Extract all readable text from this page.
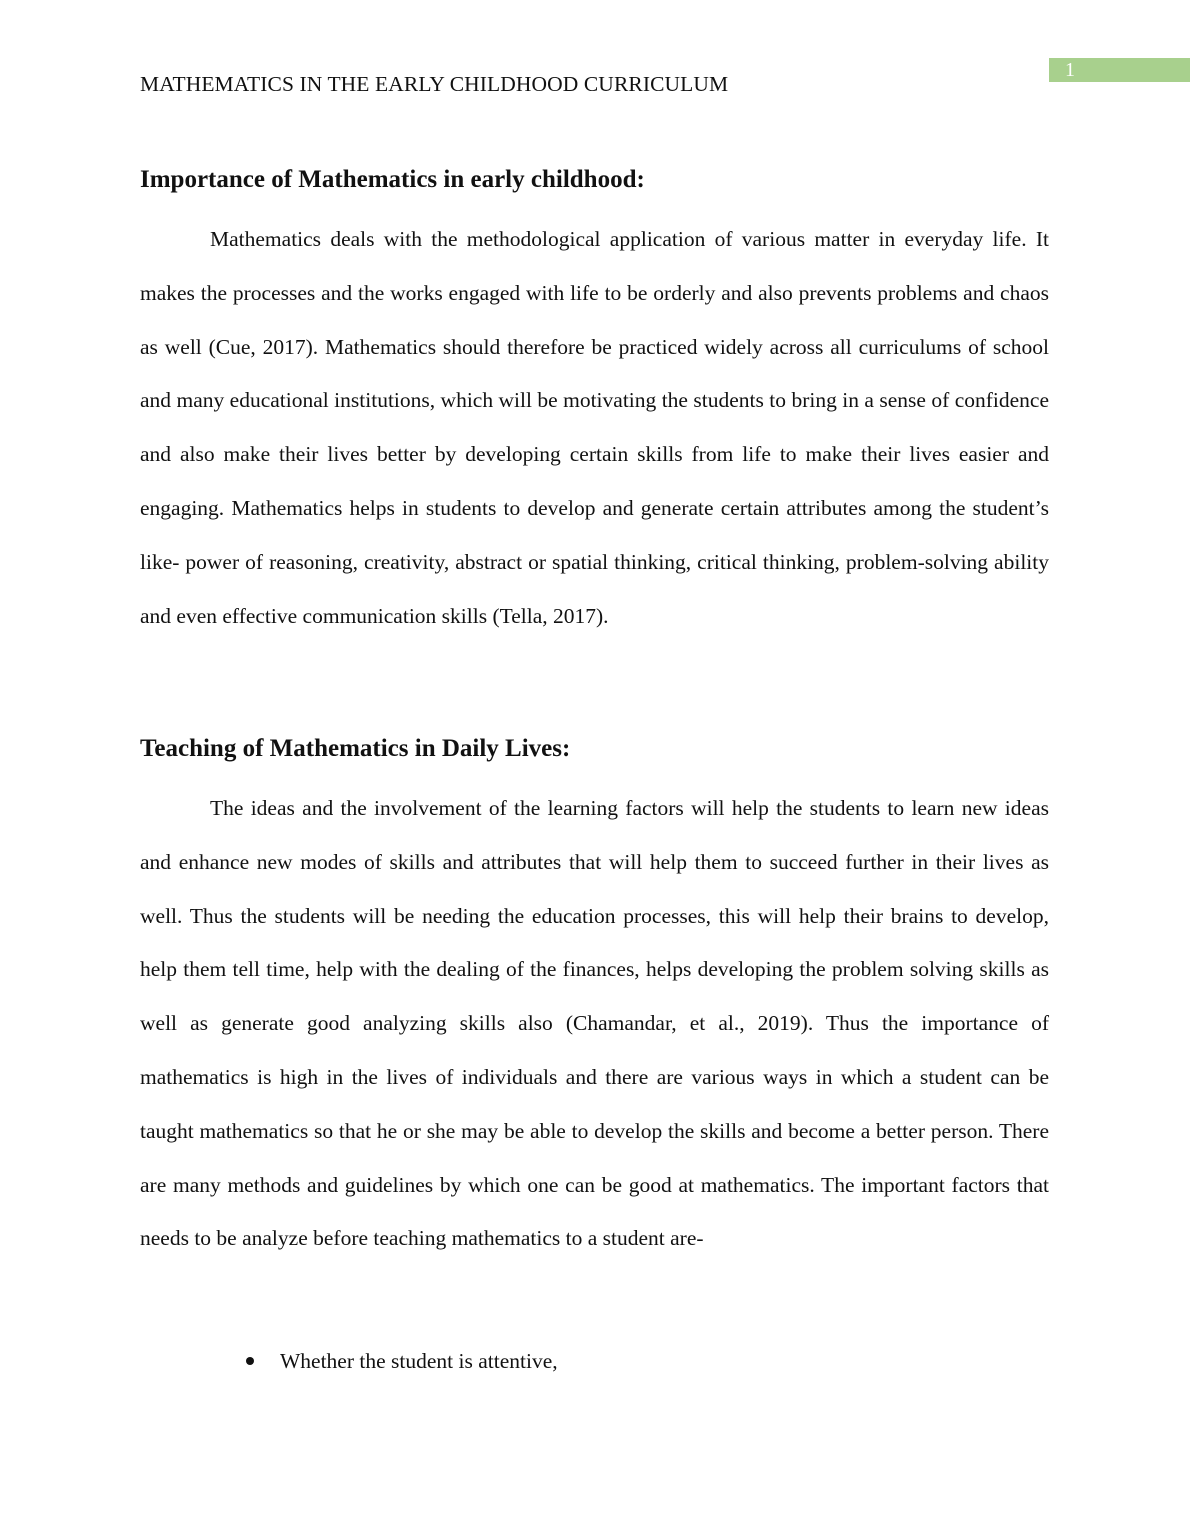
1
MATHEMATICS IN THE EARLY CHILDHOOD CURRICULUM
Importance of Mathematics in early childhood:

Mathematics deals with the methodological application of various matter in everyday life. It makes the processes and the works engaged with life to be orderly and also prevents problems and chaos as well (Cue, 2017). Mathematics should therefore be practiced widely across all curriculums of school and many educational institutions, which will be motivating the students to bring in a sense of confidence and also make their lives better by developing certain skills from life to make their lives easier and engaging. Mathematics helps in students to develop and generate certain attributes among the student’s like- power of reasoning, creativity, abstract or spatial thinking, critical thinking, problem-solving ability and even effective communication skills (Tella, 2017).

Teaching of Mathematics in Daily Lives:

The ideas and the involvement of the learning factors will help the students to learn new ideas and enhance new modes of skills and attributes that will help them to succeed further in their lives as well. Thus the students will be needing the education processes, this will help their brains to develop, help them tell time, help with the dealing of the finances, helps developing the problem solving skills as well as generate good analyzing skills also (Chamandar, et al., 2019). Thus the importance of mathematics is high in the lives of individuals and there are various ways in which a student can be taught mathematics so that he or she may be able to develop the skills and become a better person. There are many methods and guidelines by which one can be good at mathematics. The important factors that needs to be analyze before teaching mathematics to a student are-

Whether the student is attentive,
